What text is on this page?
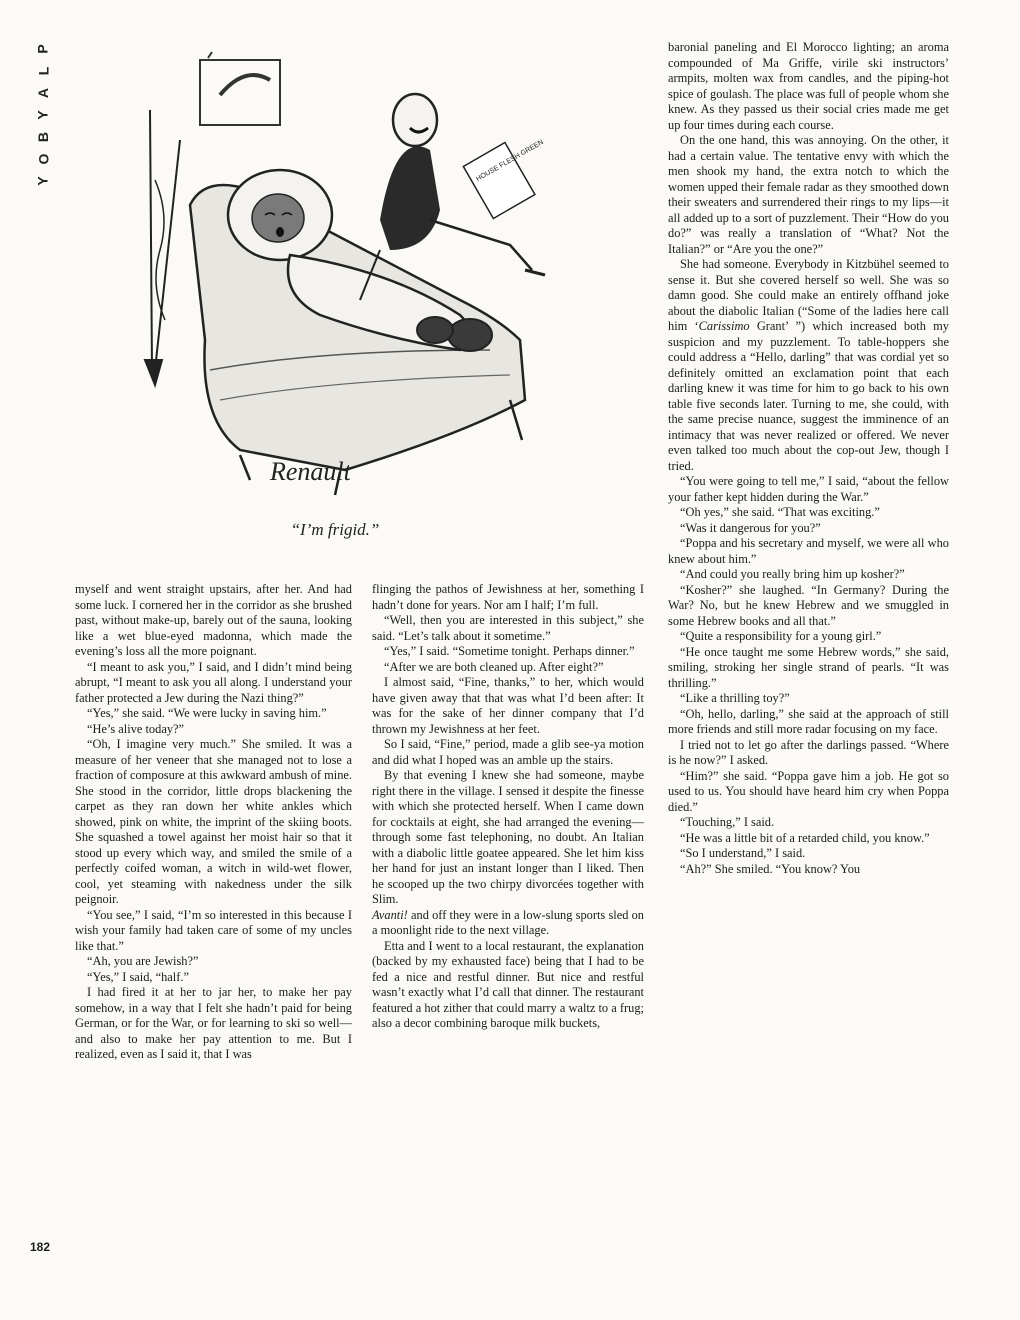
P
L
A
Y
B
O
Y	HOUSE FLESH GREEN
Renault
“I’m frigid.”

myself and went straight upstairs, after her. And had some luck. I cornered her in the corridor as she brushed past, without make-up, barely out of the sauna, looking like a wet blue-eyed madonna, which made the evening’s loss all the more poignant.

“I meant to ask you,” I said, and I didn’t mind being abrupt, “I meant to ask you all along. I understand your father protected a Jew during the Nazi thing?”

“Yes,” she said. “We were lucky in saving him.”

“He’s alive today?”

“Oh, I imagine very much.” She smiled. It was a measure of her veneer that she managed not to lose a fraction of composure at this awkward ambush of mine. She stood in the corridor, little drops blackening the carpet as they ran down her white ankles which showed, pink on white, the imprint of the skiing boots. She squashed a towel against her moist hair so that it stood up every which way, and smiled the smile of a perfectly coifed woman, a witch in wild-wet flower, cool, yet steaming with nakedness under the silk peignoir.

“You see,” I said, “I’m so interested in this because I wish your family had taken care of some of my uncles like that.”

“Ah, you are Jewish?”

“Yes,” I said, “half.”

I had fired it at her to jar her, to make her pay somehow, in a way that I felt she hadn’t paid for being German, or for the War, or for learning to ski so well—and also to make her pay attention to me. But I realized, even as I said it, that I was

flinging the pathos of Jewishness at her, something I hadn’t done for years. Nor am I half; I’m full.

“Well, then you are interested in this subject,” she said. “Let’s talk about it sometime.”

“Yes,” I said. “Sometime tonight. Perhaps dinner.”

“After we are both cleaned up. After eight?”

I almost said, “Fine, thanks,” to her, which would have given away that that was what I’d been after: It was for the sake of her dinner company that I’d thrown my Jewishness at her feet.

So I said, “Fine,” period, made a glib see-ya motion and did what I hoped was an amble up the stairs.

By that evening I knew she had someone, maybe right there in the village. I sensed it despite the finesse with which she protected herself. When I came down for cocktails at eight, she had arranged the evening—through some fast telephoning, no doubt. An Italian with a diabolic little goatee appeared. She let him kiss her hand for just an instant longer than I liked. Then he scooped up the two chirpy divorcées together with Slim.

Avanti! and off they were in a low-slung sports sled on a moonlight ride to the next village.

Etta and I went to a local restaurant, the explanation (backed by my exhausted face) being that I had to be fed a nice and restful dinner. But nice and restful wasn’t exactly what I’d call that dinner. The restaurant featured a hot zither that could marry a waltz to a frug; also a decor combining baroque milk buckets,

baronial paneling and El Morocco lighting; an aroma compounded of Ma Griffe, virile ski instructors’ armpits, molten wax from candles, and the piping-hot spice of goulash. The place was full of people whom she knew. As they passed us their social cries made me get up four times during each course.

On the one hand, this was annoying. On the other, it had a certain value. The tentative envy with which the men shook my hand, the extra notch to which the women upped their female radar as they smoothed down their sweaters and surrendered their rings to my lips—it all added up to a sort of puzzlement. Their “How do you do?” was really a translation of “What? Not the Italian?” or “Are you the one?”

She had someone. Everybody in Kitzbühel seemed to sense it. But she covered herself so well. She was so damn good. She could make an entirely offhand joke about the diabolic Italian (“Some of the ladies here call him ‘Carissimo Grant’ ”) which increased both my suspicion and my puzzlement. To table-hoppers she could address a “Hello, darling” that was cordial yet so definitely omitted an exclamation point that each darling knew it was time for him to go back to his own table five seconds later. Turning to me, she could, with the same precise nuance, suggest the imminence of an intimacy that was never realized or offered. We never even talked too much about the cop-out Jew, though I tried.

“You were going to tell me,” I said, “about the fellow your father kept hidden during the War.”

“Oh yes,” she said. “That was exciting.”

“Was it dangerous for you?”

“Poppa and his secretary and myself, we were all who knew about him.”

“And could you really bring him up kosher?”

“Kosher?” she laughed. “In Germany? During the War? No, but he knew Hebrew and we smuggled in some Hebrew books and all that.”

“Quite a responsibility for a young girl.”

“He once taught me some Hebrew words,” she said, smiling, stroking her single strand of pearls. “It was thrilling.”

“Like a thrilling toy?”

“Oh, hello, darling,” she said at the approach of still more friends and still more radar focusing on my face.

I tried not to let go after the darlings passed. “Where is he now?” I asked.

“Him?” she said. “Poppa gave him a job. He got so used to us. You should have heard him cry when Poppa died.”

“Touching,” I said.

“He was a little bit of a retarded child, you know.”

“So I understand,” I said.

“Ah?” She smiled. “You know? You

182
